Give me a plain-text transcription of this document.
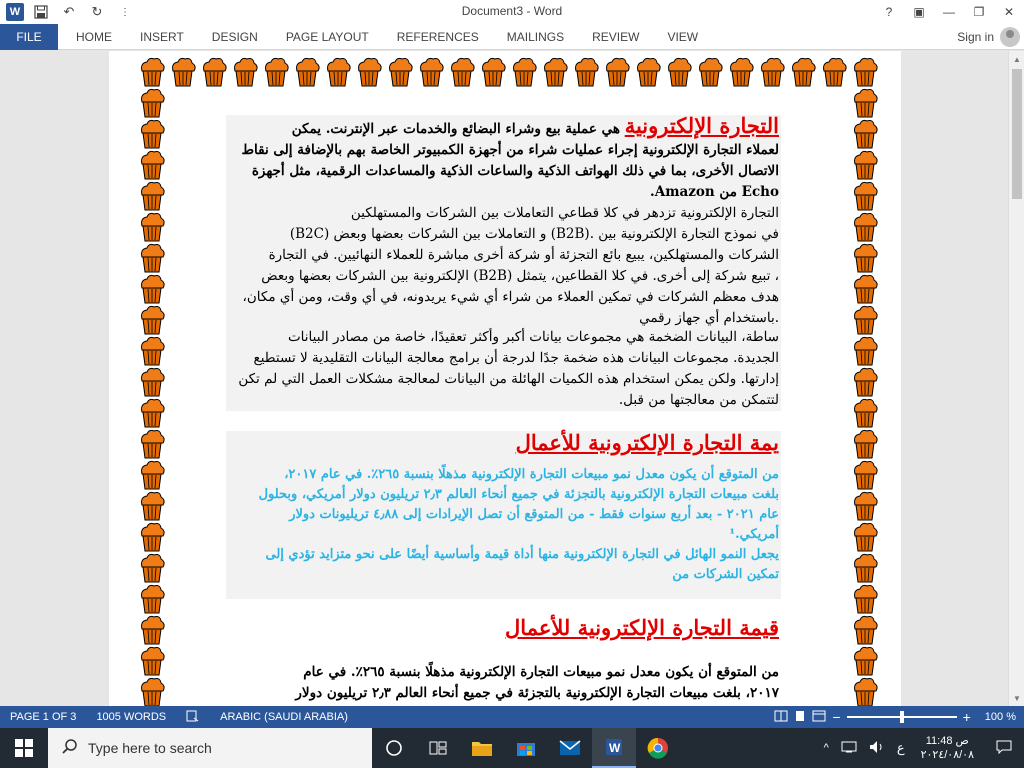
W	↶	↻	⋮	Document3 - Word	?	▣	—	❐	✕
FILE	HOME	INSERT	DESIGN	PAGE LAYOUT	REFERENCES	MAILINGS	REVIEW	VIEW	Sign in
التجارة الإلكترونية هي عملية بيع وشراء البضائع والخدمات عبر الإنترنت. يمكن
لعملاء التجارة الإلكترونية إجراء عمليات شراء من أجهزة الكمبيوتر الخاصة بهم بالإضافة إلى نقاط
الاتصال الأخرى، بما في ذلك الهواتف الذكية والساعات الذكية والمساعدات الرقمية، مثل أجهزة
Echo من Amazon.
التجارة الإلكترونية تزدهر في كلا قطاعي التعاملات بين الشركات والمستهلكين
في نموذج التجارة الإلكترونية بين .(B2B) و التعاملات بين الشركات بعضها وبعض (B2C)
الشركات والمستهلكين، يبيع بائع التجزئة أو شركة أخرى مباشرة للعملاء النهائيين. في التجارة
، تبيع شركة إلى أخرى. في كلا القطاعين، يتمثل (B2B) الإلكترونية بين الشركات بعضها وبعض
هدف معظم الشركات في تمكين العملاء من شراء أي شيء يريدونه، في أي وقت، ومن أي مكان،
.باستخدام أي جهاز رقمي
ساطة، البيانات الضخمة هي مجموعات بيانات أكبر وأكثر تعقيدًا، خاصة من مصادر البيانات
الجديدة. مجموعات البيانات هذه ضخمة جدًا لدرجة أن برامج معالجة البيانات التقليدية لا تستطيع
إدارتها. ولكن يمكن استخدام هذه الكميات الهائلة من البيانات لمعالجة مشكلات العمل التي لم تكن
لتتمكن من معالجتها من قبل.
يمة التجارة الإلكترونية للأعمال
من المتوقع أن يكون معدل نمو مبيعات التجارة الإلكترونية مذهلًا بنسبة ٢٦٥٪. في عام ٢٠١٧،
بلغت مبيعات التجارة الإلكترونية بالتجزئة في جميع أنحاء العالم ٢٫٣ تريليون دولار أمريكي، وبحلول
عام ٢٠٢١ - بعد أربع سنوات فقط - من المتوقع أن تصل الإيرادات إلى ٤٫٨٨ تريليونات دولار
أمريكي.¹
يجعل النمو الهائل في التجارة الإلكترونية منها أداة قيمة وأساسية أيضًا على نحو متزايد تؤدي إلى
تمكين الشركات من
قيمة التجارة الإلكترونية للأعمال
من المتوقع أن يكون معدل نمو مبيعات التجارة الإلكترونية مذهلًا بنسبة ٢٦٥٪. في عام
٢٠١٧، بلغت مبيعات التجارة الإلكترونية بالتجزئة في جميع أنحاء العالم ٢٫٣ تريليون دولار
▲
▼
PAGE 1 OF 3	1005 WORDS	ARABIC (SAUDI ARABIA)	−	+	100 %
Type here to search	W	^	ع	11:48 ص
٢٠٢٤/٠٨/٠٨
